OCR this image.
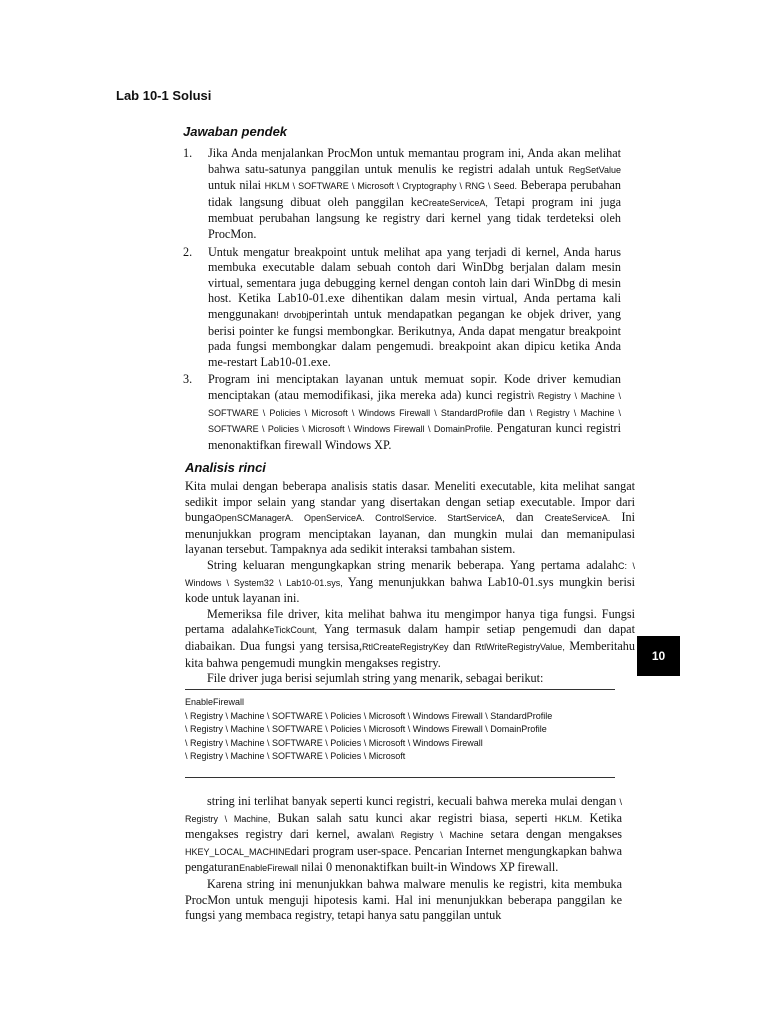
Lab 10-1 Solusi
Jawaban pendek
1. Jika Anda menjalankan ProcMon untuk memantau program ini, Anda akan melihat bahwa satu-satunya panggilan untuk menulis ke registri adalah untuk RegSetValue untuk nilai HKLM \ SOFTWARE \ Microsoft \ Cryptography \ RNG \ Seed. Beberapa perubahan tidak langsung dibuat oleh panggilan keCreateServiceA, Tetapi program ini juga membuat perubahan langsung ke registry dari kernel yang tidak terdeteksi oleh ProcMon.
2. Untuk mengatur breakpoint untuk melihat apa yang terjadi di kernel, Anda harus membuka executable dalam sebuah contoh dari WinDbg berjalan dalam mesin virtual, sementara juga debugging kernel dengan contoh lain dari WinDbg di mesin host. Ketika Lab10-01.exe dihentikan dalam mesin virtual, Anda pertama kali menggunakan! drvobjperintah untuk mendapatkan pegangan ke objek driver, yang berisi pointer ke fungsi membongkar. Berikutnya, Anda dapat mengatur breakpoint pada fungsi membongkar dalam pengemudi. breakpoint akan dipicu ketika Anda me-restart Lab10-01.exe.
3. Program ini menciptakan layanan untuk memuat sopir. Kode driver kemudian menciptakan (atau memodifikasi, jika mereka ada) kunci registri\ Registry \ Machine \ SOFTWARE \ Policies \ Microsoft \ Windows Firewall \ StandardProfile dan \ Registry \ Machine \ SOFTWARE \ Policies \ Microsoft \ Windows Firewall \ DomainProfile. Pengaturan kunci registri menonaktifkan firewall Windows XP.
Analisis rinci

Kita mulai dengan beberapa analisis statis dasar. Meneliti executable, kita melihat sangat sedikit impor selain yang standar yang disertakan dengan setiap executable. Impor dari bungaOpenSCManagerA. OpenServiceA. ControlService. StartServiceA, dan CreateServiceA. Ini menunjukkan program menciptakan layanan, dan mungkin mulai dan memanipulasi layanan tersebut. Tampaknya ada sedikit interaksi tambahan sistem.

String keluaran mengungkapkan string menarik beberapa. Yang pertama adalahC: \ Windows \ System32 \ Lab10-01.sys, Yang menunjukkan bahwa Lab10-01.sys mungkin berisi kode untuk layanan ini.

Memeriksa file driver, kita melihat bahwa itu mengimpor hanya tiga fungsi. Fungsi pertama adalahKeTickCount, Yang termasuk dalam hampir setiap pengemudi dan dapat diabaikan. Dua fungsi yang tersisa,RtlCreateRegistryKey dan RtlWriteRegistryValue, Memberitahu kita bahwa pengemudi mungkin mengakses registry.

File driver juga berisi sejumlah string yang menarik, sebagai berikut:

EnableFirewall
\ Registry \ Machine \ SOFTWARE \ Policies \ Microsoft \ Windows Firewall \ StandardProfile
\ Registry \ Machine \ SOFTWARE \ Policies \ Microsoft \ Windows Firewall \ DomainProfile
\ Registry \ Machine \ SOFTWARE \ Policies \ Microsoft \ Windows Firewall
\ Registry \ Machine \ SOFTWARE \ Policies \ Microsoft

string ini terlihat banyak seperti kunci registri, kecuali bahwa mereka mulai dengan \ Registry \ Machine, Bukan salah satu kunci akar registri biasa, seperti HKLM. Ketika mengakses registry dari kernel, awalan\ Registry \ Machine setara dengan mengakses HKEY_LOCAL_MACHINEdari program user-space. Pencarian Internet mengungkapkan bahwa pengaturanEnableFirewall nilai 0 menonaktifkan built-in Windows XP firewall.

Karena string ini menunjukkan bahwa malware menulis ke registri, kita membuka ProcMon untuk menguji hipotesis kami. Hal ini menunjukkan beberapa panggilan ke fungsi yang membaca registry, tetapi hanya satu panggilan untuk

10
